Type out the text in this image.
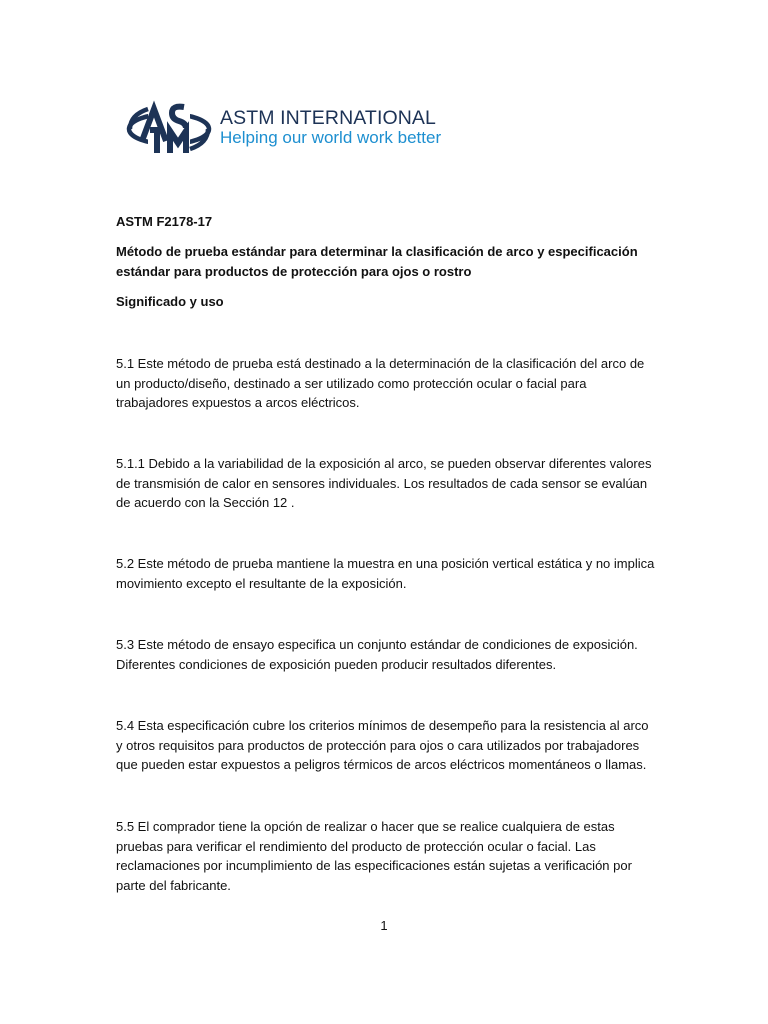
ASTM INTERNATIONAL
Helping our world work better

ASTM F2178-17

Método de prueba estándar para determinar la clasificación de arco y especificación estándar para productos de protección para ojos o rostro

Significado y uso

5.1 Este método de prueba está destinado a la determinación de la clasificación del arco de un producto/diseño, destinado a ser utilizado como protección ocular o facial para trabajadores expuestos a arcos eléctricos.

5.1.1 Debido a la variabilidad de la exposición al arco, se pueden observar diferentes valores de transmisión de calor en sensores individuales. Los resultados de cada sensor se evalúan de acuerdo con la Sección 12 .

5.2 Este método de prueba mantiene la muestra en una posición vertical estática y no implica movimiento excepto el resultante de la exposición.

5.3 Este método de ensayo especifica un conjunto estándar de condiciones de exposición. Diferentes condiciones de exposición pueden producir resultados diferentes.

5.4 Esta especificación cubre los criterios mínimos de desempeño para la resistencia al arco y otros requisitos para productos de protección para ojos o cara utilizados por trabajadores que pueden estar expuestos a peligros térmicos de arcos eléctricos momentáneos o llamas.

5.5 El comprador tiene la opción de realizar o hacer que se realice cualquiera de estas pruebas para verificar el rendimiento del producto de protección ocular o facial. Las reclamaciones por incumplimiento de las especificaciones están sujetas a verificación por parte del fabricante.

1
